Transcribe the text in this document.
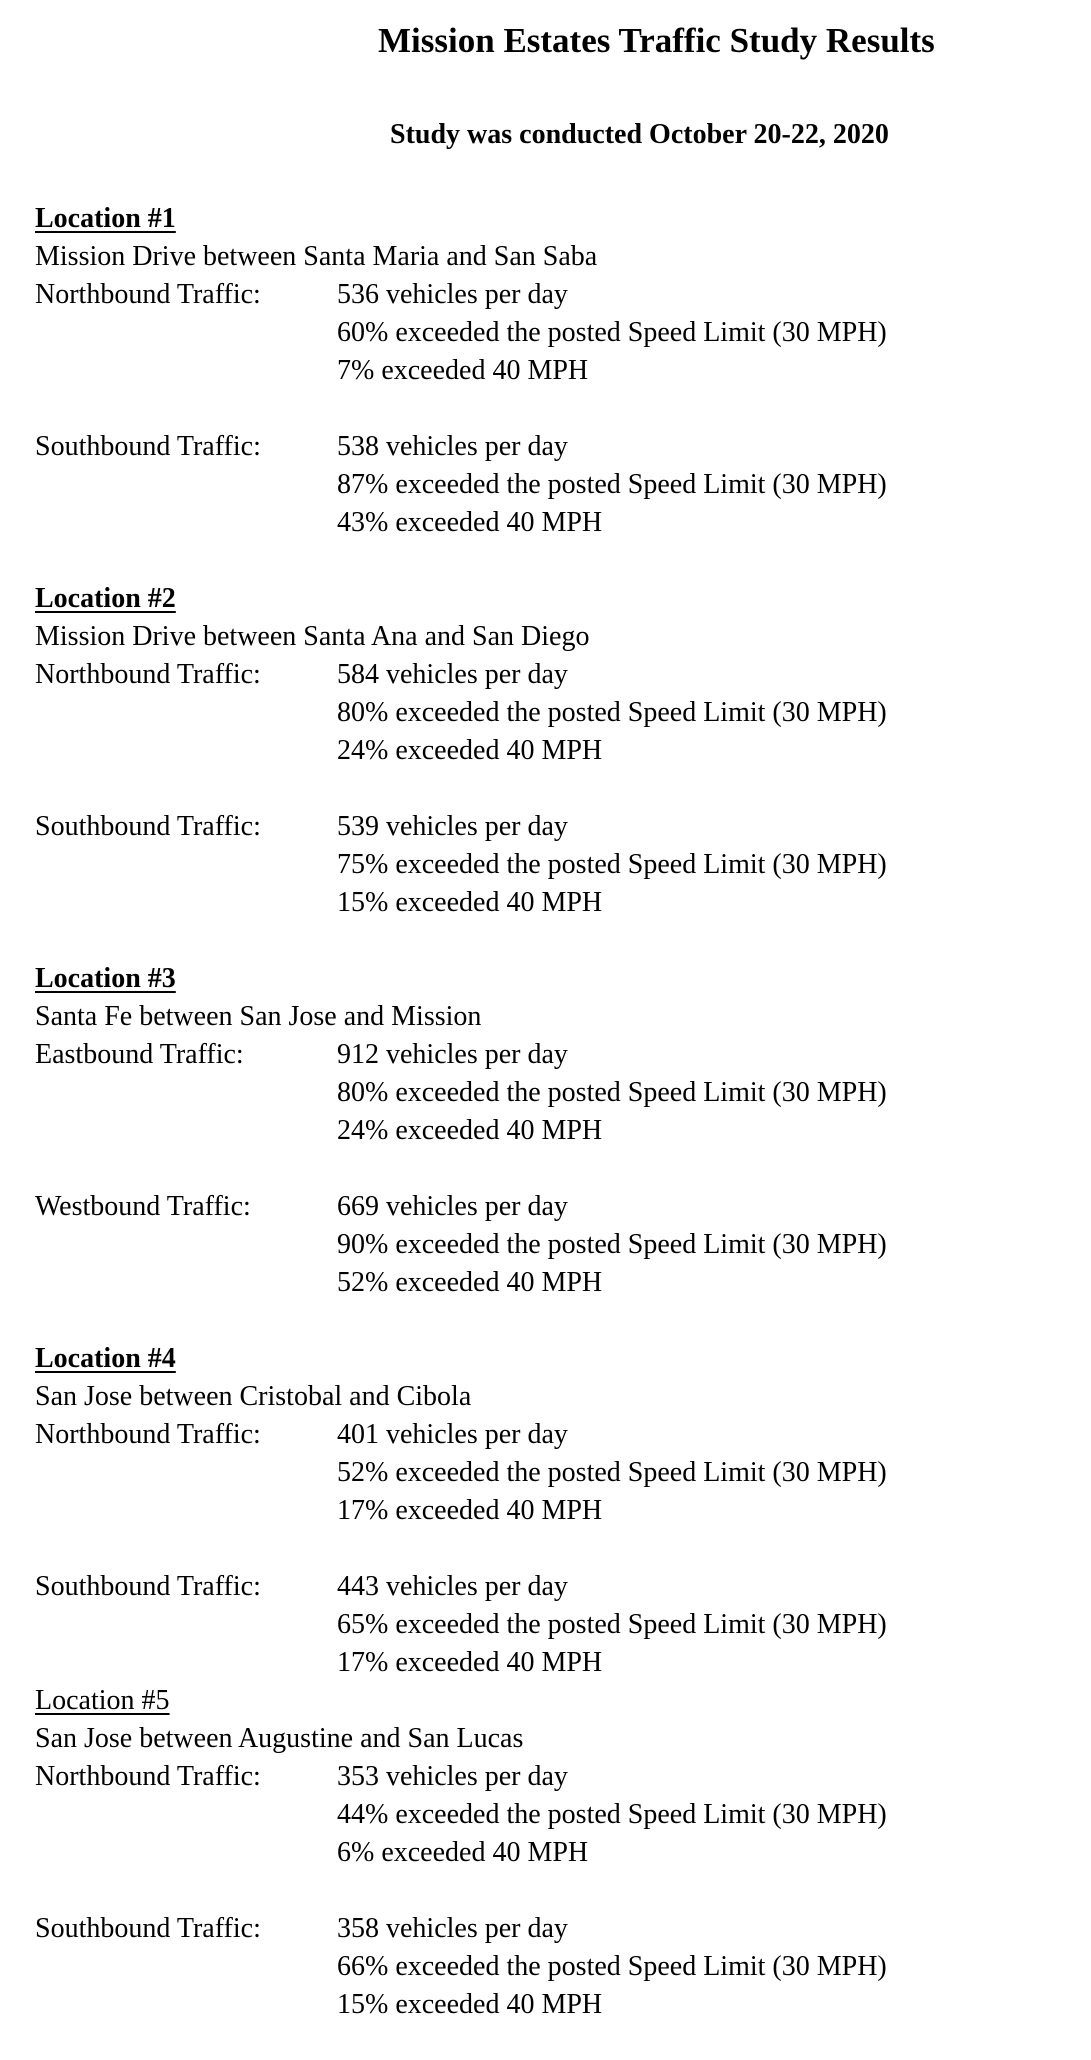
Mission Estates Traffic Study Results
Study was conducted October 20-22, 2020
Location #1
Mission Drive between Santa Maria and San Saba
Northbound Traffic:	536 vehicles per day
60% exceeded the posted Speed Limit (30 MPH)
7% exceeded 40 MPH
Southbound Traffic:	538 vehicles per day
87% exceeded the posted Speed Limit (30 MPH)
43% exceeded 40 MPH
Location #2
Mission Drive between Santa Ana and San Diego
Northbound Traffic:	584 vehicles per day
80% exceeded the posted Speed Limit (30 MPH)
24% exceeded 40 MPH
Southbound Traffic:	539 vehicles per day
75% exceeded the posted Speed Limit (30 MPH)
15% exceeded 40 MPH
Location #3
Santa Fe between San Jose and Mission
Eastbound Traffic:	912 vehicles per day
80% exceeded the posted Speed Limit (30 MPH)
24% exceeded 40 MPH
Westbound Traffic:	669 vehicles per day
90% exceeded the posted Speed Limit (30 MPH)
52% exceeded 40 MPH
Location #4
San Jose between Cristobal and Cibola
Northbound Traffic:	401 vehicles per day
52% exceeded the posted Speed Limit (30 MPH)
17% exceeded 40 MPH
Southbound Traffic:	443 vehicles per day
65% exceeded the posted Speed Limit (30 MPH)
17% exceeded 40 MPH
Location #5
San Jose between Augustine and San Lucas
Northbound Traffic:	353 vehicles per day
44% exceeded the posted Speed Limit (30 MPH)
6% exceeded 40 MPH
Southbound Traffic:	358 vehicles per day
66% exceeded the posted Speed Limit (30 MPH)
15% exceeded 40 MPH
